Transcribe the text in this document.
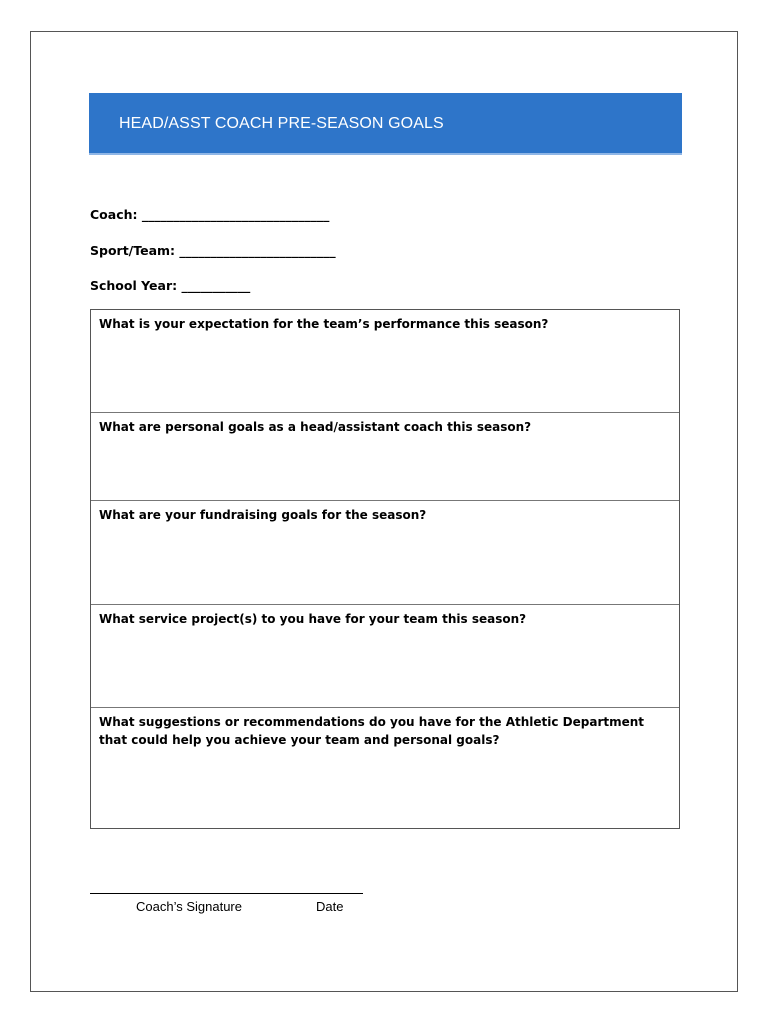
HEAD/ASST COACH PRE-SEASON GOALS
Coach: ______________________________
Sport/Team: _________________________
School Year: ___________
What is your expectation for the team’s performance this season?
What are personal goals as a head/assistant coach this season?
What are your fundraising goals for the season?
What service project(s) to you have for your team this season?
What suggestions or recommendations do you have for the Athletic Department that could help you achieve your team and personal goals?
Coach’s Signature	Date
